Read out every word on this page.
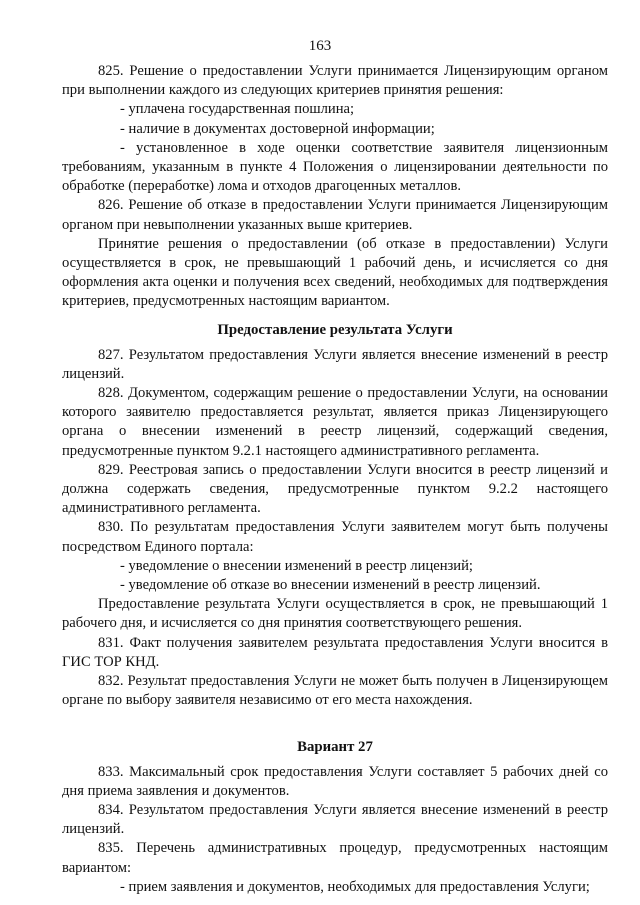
163

825. Решение о предоставлении Услуги принимается Лицензирующим органом при выполнении каждого из следующих критериев принятия решения:

- уплачена государственная пошлина;

- наличие в документах достоверной информации;

- установленное в ходе оценки соответствие заявителя лицензионным требованиям, указанным в пункте 4 Положения о лицензировании деятельности по обработке (переработке) лома и отходов драгоценных металлов.

826. Решение об отказе в предоставлении Услуги принимается Лицензирующим органом при невыполнении указанных выше критериев.

Принятие решения о предоставлении (об отказе в предоставлении) Услуги осуществляется в срок, не превышающий 1 рабочий день, и исчисляется со дня оформления акта оценки и получения всех сведений, необходимых для подтверждения критериев, предусмотренных настоящим вариантом.

Предоставление результата Услуги

827. Результатом предоставления Услуги является внесение изменений в реестр лицензий.

828. Документом, содержащим решение о предоставлении Услуги, на основании которого заявителю предоставляется результат, является приказ Лицензирующего органа о внесении изменений в реестр лицензий, содержащий сведения, предусмотренные пунктом 9.2.1 настоящего административного регламента.

829. Реестровая запись о предоставлении Услуги вносится в реестр лицензий и должна содержать сведения, предусмотренные пунктом 9.2.2 настоящего административного регламента.

830. По результатам предоставления Услуги заявителем могут быть получены посредством Единого портала:

- уведомление о внесении изменений в реестр лицензий;

- уведомление об отказе во внесении изменений в реестр лицензий.

Предоставление результата Услуги осуществляется в срок, не превышающий 1 рабочего дня, и исчисляется со дня принятия соответствующего решения.

831. Факт получения заявителем результата предоставления Услуги вносится в ГИС ТОР КНД.

832. Результат предоставления Услуги не может быть получен в Лицензирующем органе по выбору заявителя независимо от его места нахождения.

Вариант 27

833. Максимальный срок предоставления Услуги составляет 5 рабочих дней со дня приема заявления и документов.

834. Результатом предоставления Услуги является внесение изменений в реестр лицензий.

835. Перечень административных процедур, предусмотренных настоящим вариантом:

- прием заявления и документов, необходимых для предоставления Услуги;
